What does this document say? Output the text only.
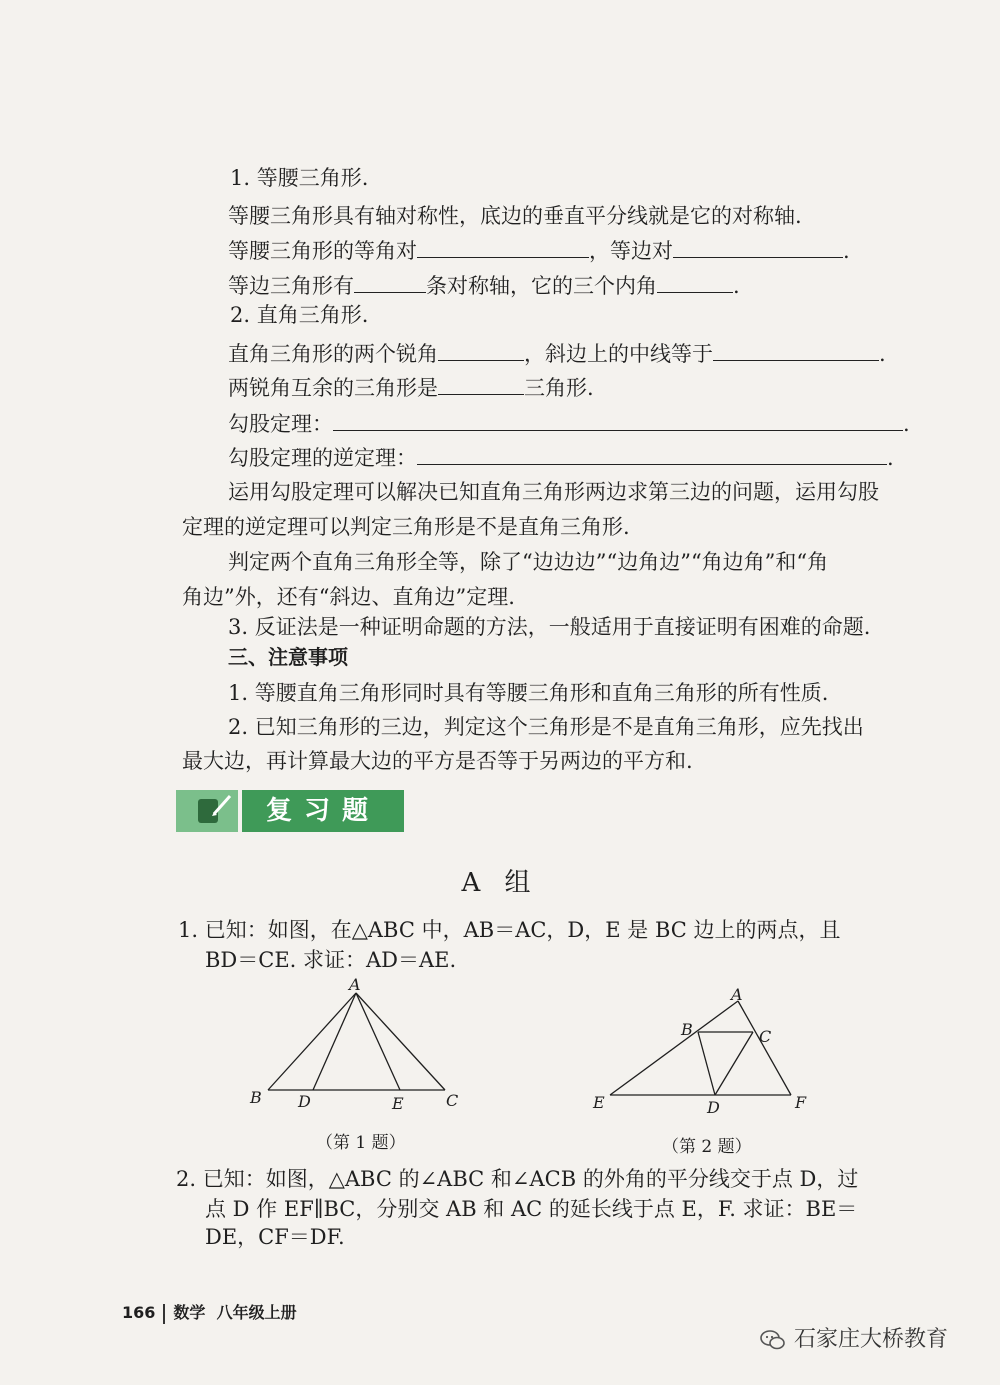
1. 等腰三角形.
等腰三角形具有轴对称性，底边的垂直平分线就是它的对称轴.
等腰三角形的等角对	，等边对	.
等边三角形有	条对称轴，它的三个内角	.
2. 直角三角形.
直角三角形的两个锐角	，斜边上的中线等于	.
两锐角互余的三角形是	三角形.
勾股定理：	.
勾股定理的逆定理：	.
运用勾股定理可以解决已知直角三角形两边求第三边的问题，运用勾股
定理的逆定理可以判定三角形是不是直角三角形.
判定两个直角三角形全等，除了“边边边”“边角边”“角边角”和“角
角边”外，还有“斜边、直角边”定理.
3. 反证法是一种证明命题的方法，一般适用于直接证明有困难的命题.
三、注意事项
1. 等腰直角三角形同时具有等腰三角形和直角三角形的所有性质.
2. 已知三角形的三边，判定这个三角形是不是直角三角形，应先找出
最大边，再计算最大边的平方是否等于另两边的平方和.
复习题
A 组
1. 已知：如图，在△ABC 中，AB＝AC，D，E 是 BC 边上的两点，且
BD＝CE. 求证：AD＝AE.
A
B D	E	C
（第 1 题）
A
B	C
E	D	F
（第 2 题）
2. 已知：如图，△ABC 的∠ABC 和∠ACB 的外角的平分线交于点 D，过
点 D 作 EF∥BC，分别交 AB 和 AC 的延长线于点 E，F. 求证：BE＝
DE，CF＝DF.
166 数学 八年级上册
石家庄大桥教育
